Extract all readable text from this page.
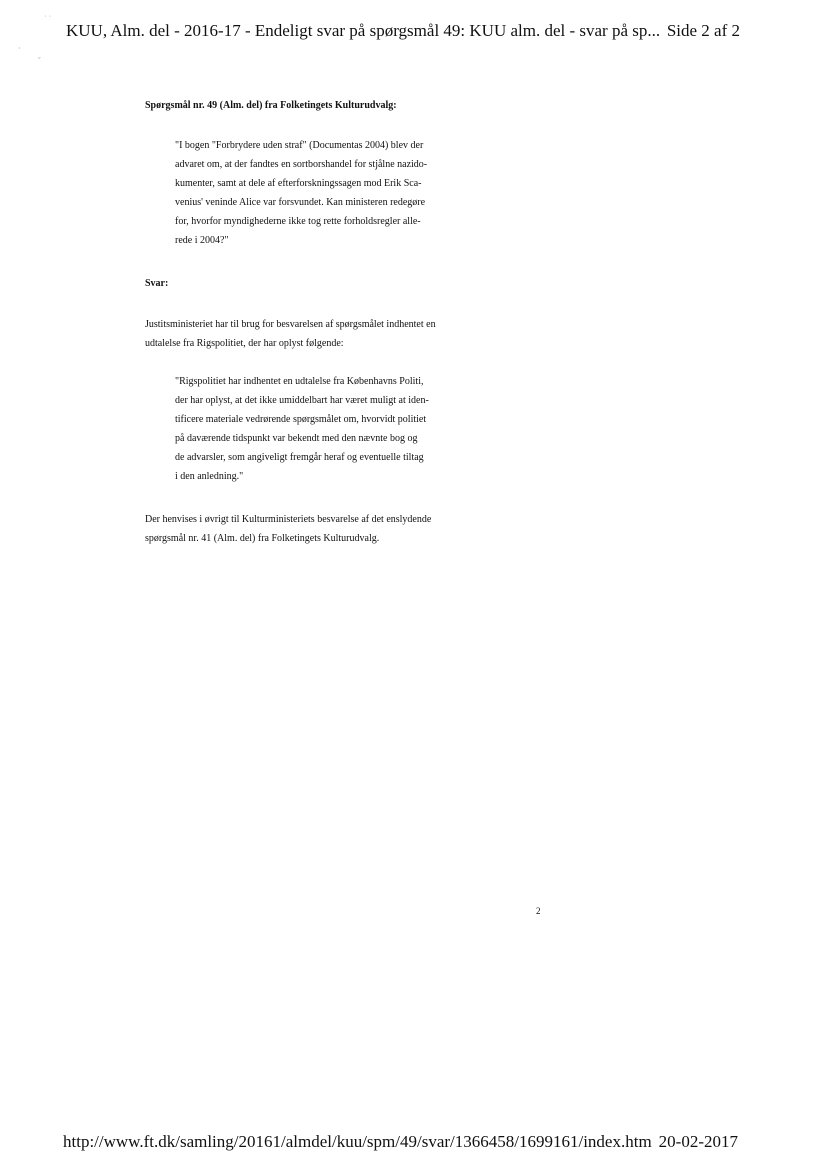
˙ ˙
·
ˇ
KUU, Alm. del - 2016-17 - Endeligt svar på spørgsmål 49: KUU alm. del - svar på sp... Side 2 af 2
Spørgsmål nr. 49 (Alm. del) fra Folketingets Kulturudvalg:
"I bogen "Forbrydere uden straf" (Documentas 2004) blev der
advaret om, at der fandtes en sortborshandel for stjålne nazido-
kumenter, samt at dele af efterforskningssagen mod Erik Sca-
venius' veninde Alice var forsvundet. Kan ministeren redegøre
for, hvorfor myndighederne ikke tog rette forholdsregler alle-
rede i 2004?"
Svar:
Justitsministeriet har til brug for besvarelsen af spørgsmålet indhentet en
udtalelse fra Rigspolitiet, der har oplyst følgende:
"Rigspolitiet har indhentet en udtalelse fra Københavns Politi,
der har oplyst, at det ikke umiddelbart har været muligt at iden-
tificere materiale vedrørende spørgsmålet om, hvorvidt politiet
på daværende tidspunkt var bekendt med den nævnte bog og
de advarsler, som angiveligt fremgår heraf og eventuelle tiltag
i den anledning."
Der henvises i øvrigt til Kulturministeriets besvarelse af det enslydende
spørgsmål nr. 41 (Alm. del) fra Folketingets Kulturudvalg.
2
http://www.ft.dk/samling/20161/almdel/kuu/spm/49/svar/1366458/1699161/index.htm 20-02-2017
